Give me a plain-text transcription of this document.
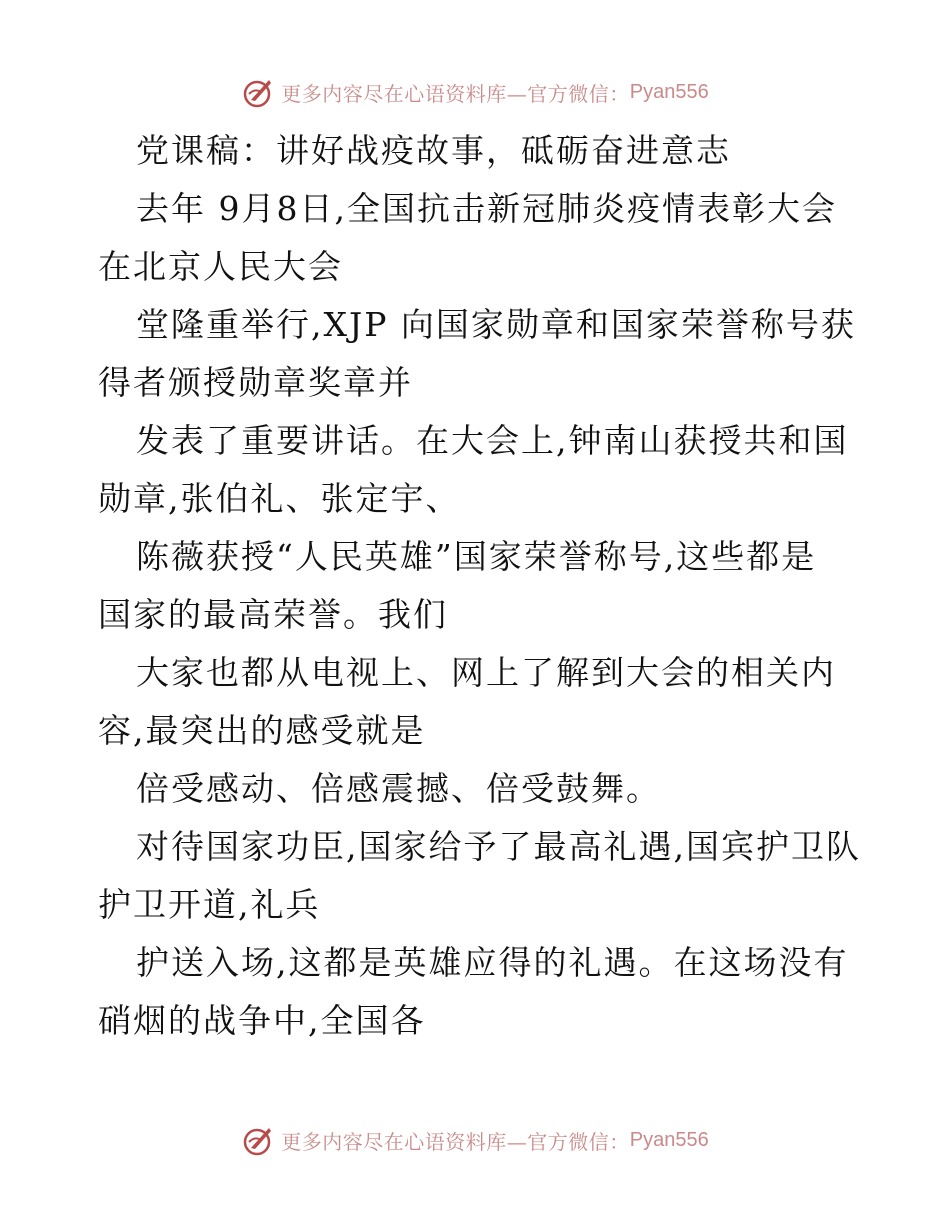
更多内容尽在心语资料库—官方微信： Pyan556
党课稿：讲好战疫故事，砥砺奋进意志
去年 9月8日,全国抗击新冠肺炎疫情表彰大会
在北京人民大会
堂隆重举行,XJP 向国家勋章和国家荣誉称号获
得者颁授勋章奖章并
发表了重要讲话。在大会上,钟南山获授共和国
勋章,张伯礼、张定宇、
陈薇获授“人民英雄”国家荣誉称号,这些都是
国家的最高荣誉。我们
大家也都从电视上、网上了解到大会的相关内
容,最突出的感受就是
倍受感动、倍感震撼、倍受鼓舞。
对待国家功臣,国家给予了最高礼遇,国宾护卫队
护卫开道,礼兵
护送入场,这都是英雄应得的礼遇。在这场没有
硝烟的战争中,全国各
更多内容尽在心语资料库—官方微信： Pyan556
